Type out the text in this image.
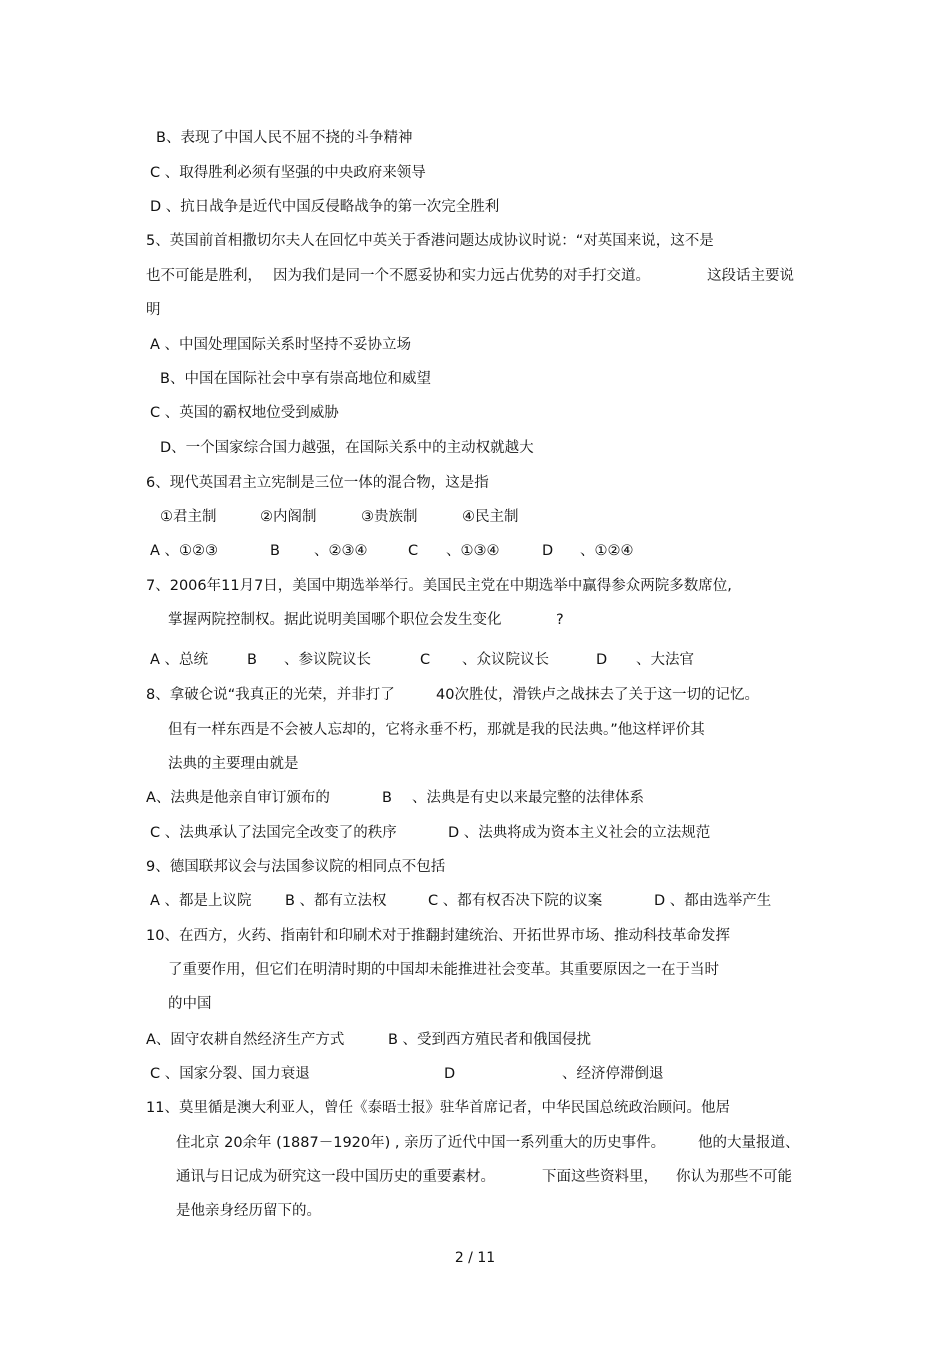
B、表现了中国人民不屈不挠的斗争精神
C 、取得胜利必须有坚强的中央政府来领导
D 、抗日战争是近代中国反侵略战争的第一次完全胜利
5、英国前首相撒切尔夫人在回忆中英关于香港问题达成协议时说：“对英国来说，这不是
也不可能是胜利， 因为我们是同一个不愿妥协和实力远占优势的对手打交道。	这段话主要说
明
A 、中国处理国际关系时坚持不妥协立场
B、中国在国际社会中享有崇高地位和威望
C 、英国的霸权地位受到威胁
D、一个国家综合国力越强，在国际关系中的主动权就越大
6、现代英国君主立宪制是三位一体的混合物，这是指
①君主制	②内阁制	③贵族制	④民主制
A 、①②③	B 、②③④	C 、①③④	D 、①②④
7、2006年11月7日，美国中期选举举行。美国民主党在中期选举中赢得参众两院多数席位,
掌握两院控制权。据此说明美国哪个职位会发生变化	?
A 、总统	B 、参议院议长	C 、众议院议长	D 、大法官
8、拿破仑说“我真正的光荣，并非打了	40次胜仗，滑铁卢之战抹去了关于这一切的记忆。
但有一样东西是不会被人忘却的，它将永垂不朽，那就是我的民法典。”他这样评价其
法典的主要理由就是
A、法典是他亲自审订颁布的	B 、法典是有史以来最完整的法律体系
C 、法典承认了法国完全改变了的秩序	D 、法典将成为资本主义社会的立法规范
9、德国联邦议会与法国参议院的相同点不包括
A 、都是上议院 B 、都有立法权	C 、都有权否决下院的议案	D 、都由选举产生
10、在西方，火药、指南针和印刷术对于推翻封建统治、开拓世界市场、推动科技革命发挥
了重要作用，但它们在明清时期的中国却未能推进社会变革。其重要原因之一在于当时
的中国
A、固守农耕自然经济生产方式	B 、受到西方殖民者和俄国侵扰
C 、国家分裂、国力衰退	D	、经济停滞倒退
11、莫里循是澳大利亚人，曾任《泰晤士报》驻华首席记者，中华民国总统政治顾问。他居
住北京 20余年 (1887－1920年) , 亲历了近代中国一系列重大的历史事件。 他的大量报道、
通讯与日记成为研究这一段中国历史的重要素材。	下面这些资料里， 你认为那些不可能
是他亲身经历留下的。
2 / 11
